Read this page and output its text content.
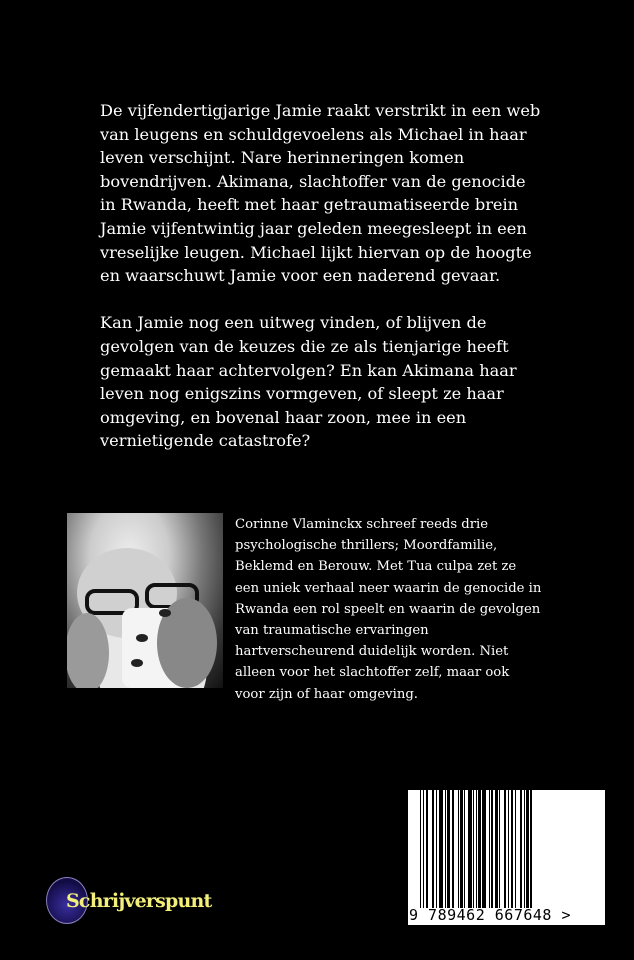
De vijfendertigjarige Jamie raakt verstrikt in een web
van leugens en schuldgevoelens als Michael in haar
leven verschijnt. Nare herinneringen komen
bovendrijven. Akimana, slachtoffer van de genocide
in Rwanda, heeft met haar getraumatiseerde brein
Jamie vijfentwintig jaar geleden meegesleept in een
vreselijke leugen. Michael lijkt hiervan op de hoogte
en waarschuwt Jamie voor een naderend gevaar.
Kan Jamie nog een uitweg vinden, of blijven de
gevolgen van de keuzes die ze als tienjarige heeft
gemaakt haar achtervolgen? En kan Akimana haar
leven nog enigszins vormgeven, of sleept ze haar
omgeving, en bovenal haar zoon, mee in een
vernietigende catastrofe?
Corinne Vlaminckx schreef reeds drie
psychologische thrillers; Moordfamilie,
Beklemd en Berouw. Met Tua culpa zet ze
een uniek verhaal neer waarin de genocide in
Rwanda een rol speelt en waarin de gevolgen
van traumatische ervaringen
hartverscheurend duidelijk worden. Niet
alleen voor het slachtoffer zelf, maar ook
voor zijn of haar omgeving.
Schrijverspunt
9 789462 667648 >
